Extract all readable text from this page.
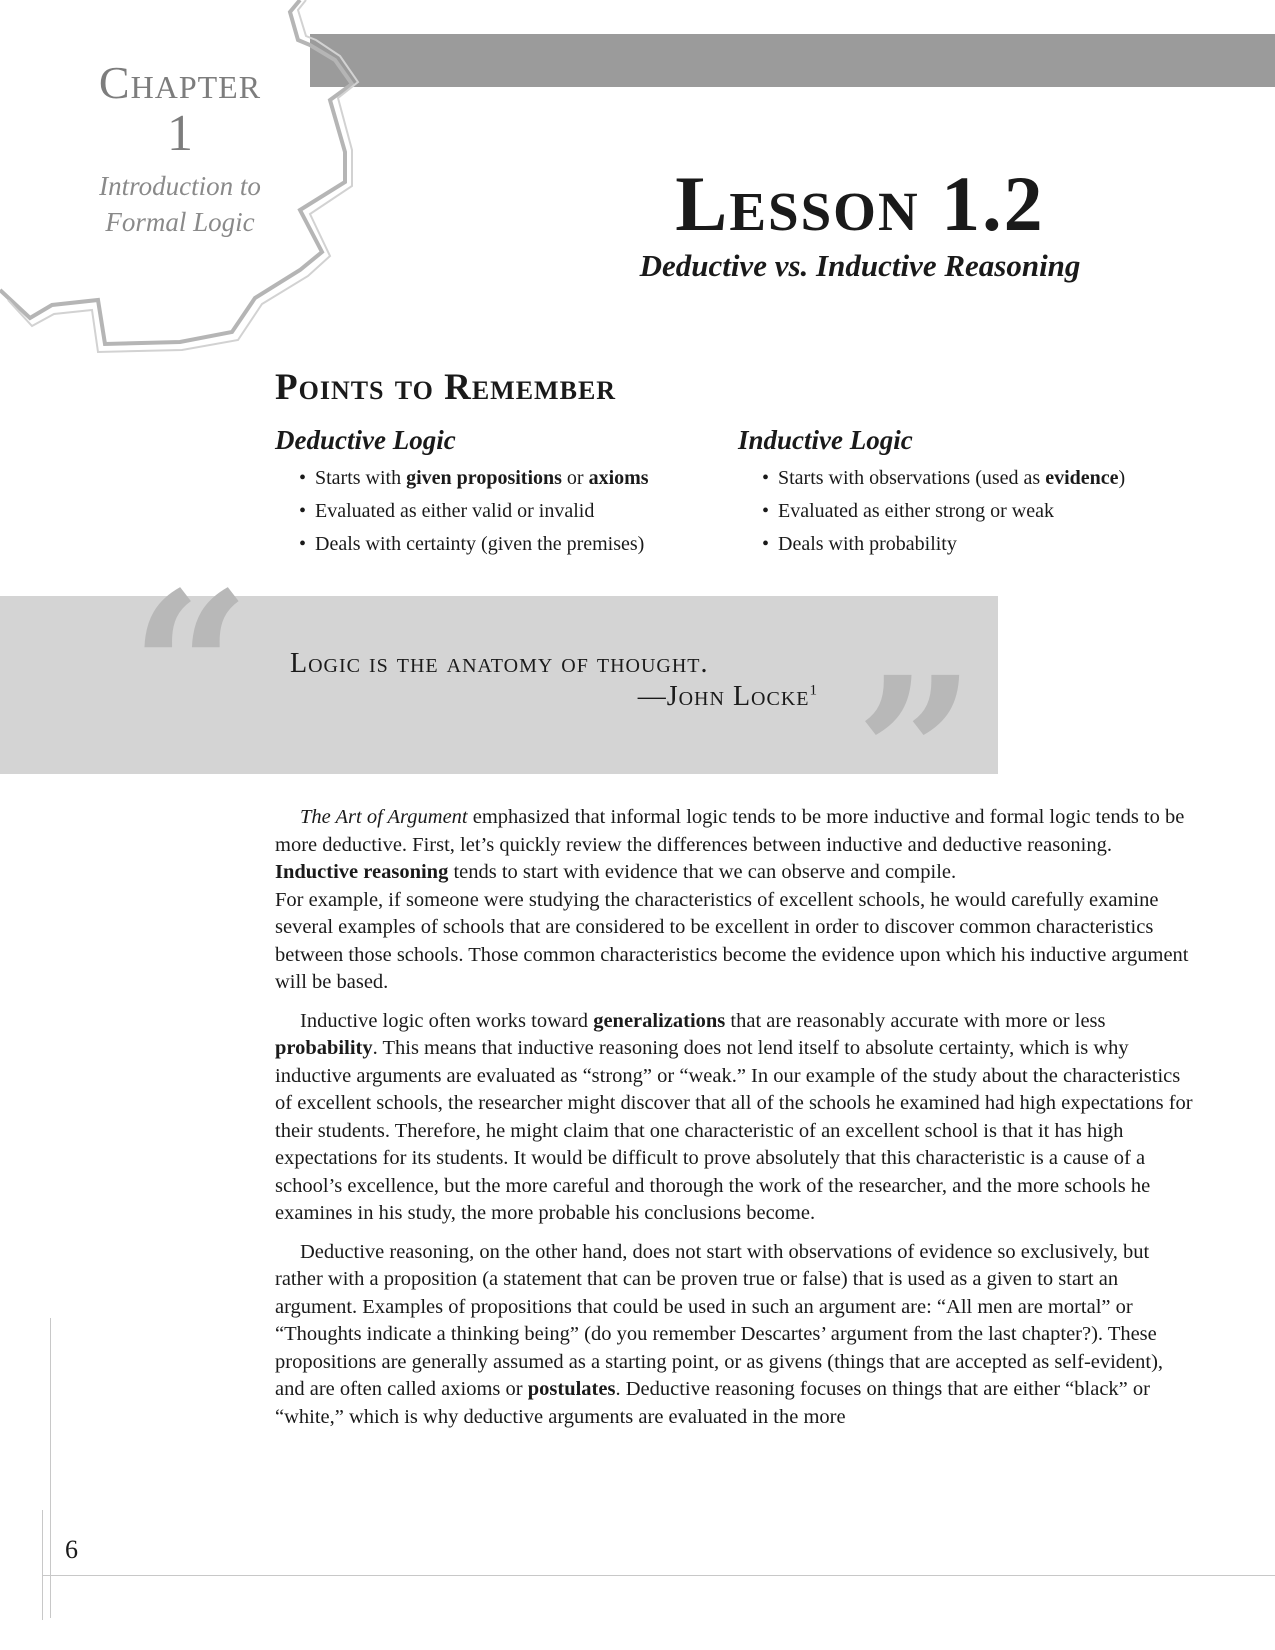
Chapter
1
Introduction to
Formal Logic	Lesson 1.2
Deductive vs. Inductive Reasoning
Points to Remember
Deductive Logic
• Starts with given propositions or axioms
• Evaluated as either valid or invalid
• Deals with certainty (given the premises)
Inductive Logic
• Starts with observations (used as evidence)
• Evaluated as either strong or weak
• Deals with probability
“	”
Logic is the anatomy of thought.
—John Locke$^1$

The Art of Argument emphasized that informal logic tends to be more inductive and formal logic tends to be more deductive. First, let’s quickly review the differences between inductive and deductive reasoning. Inductive reasoning tends to start with evidence that we can observe and compile.

For example, if someone were studying the characteristics of excellent schools, he would carefully examine several examples of schools that are considered to be excellent in order to discover common characteristics between those schools. Those common characteristics become the evidence upon which his inductive argument will be based.

Inductive logic often works toward generalizations that are reasonably accurate with more or less probability. This means that inductive reasoning does not lend itself to absolute certainty, which is why inductive arguments are evaluated as “strong” or “weak.” In our example of the study about the characteristics of excellent schools, the researcher might discover that all of the schools he examined had high expectations for their students. Therefore, he might claim that one characteristic of an excellent school is that it has high expectations for its students. It would be difficult to prove absolutely that this characteristic is a cause of a school’s excellence, but the more careful and thorough the work of the researcher, and the more schools he examines in his study, the more probable his conclusions become.

Deductive reasoning, on the other hand, does not start with observations of evidence so exclusively, but rather with a proposition (a statement that can be proven true or false) that is used as a given to start an argument. Examples of propositions that could be used in such an argument are: “All men are mortal” or “Thoughts indicate a thinking being” (do you remember Descartes’ argument from the last chapter?). These propositions are generally assumed as a starting point, or as givens (things that are accepted as self-evident), and are often called axioms or postulates. Deductive reasoning focuses on things that are either “black” or “white,” which is why deductive arguments are evaluated in the more

6
